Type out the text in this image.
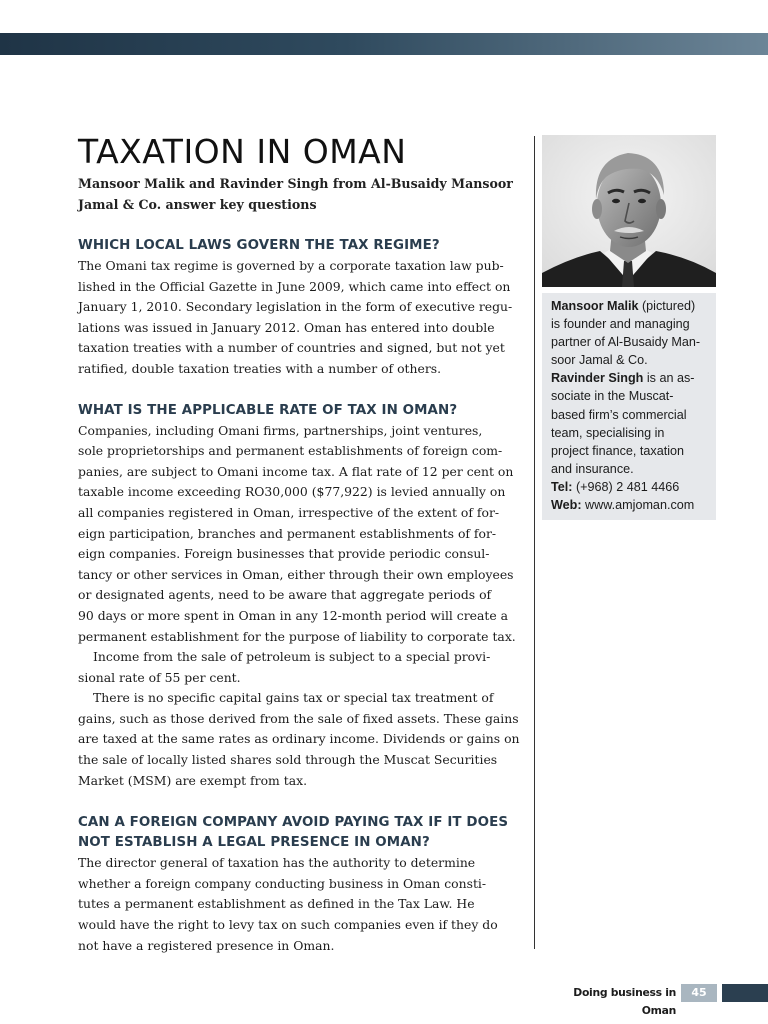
TAXATION IN OMAN

Mansoor Malik and Ravinder Singh from Al-Busaidy Mansoor
Jamal & Co. answer key questions

WHICH LOCAL LAWS GOVERN THE TAX REGIME?

The Omani tax regime is governed by a corporate taxation law pub-
lished in the Official Gazette in June 2009, which came into effect on
January 1, 2010. Secondary legislation in the form of executive regu-
lations was issued in January 2012. Oman has entered into double
taxation treaties with a number of countries and signed, but not yet
ratified, double taxation treaties with a number of others.

WHAT IS THE APPLICABLE RATE OF TAX IN OMAN?

Companies, including Omani firms, partnerships, joint ventures,
sole proprietorships and permanent establishments of foreign com-
panies, are subject to Omani income tax. A flat rate of 12 per cent on
taxable income exceeding RO30,000 ($77,922) is levied annually on
all companies registered in Oman, irrespective of the extent of for-
eign participation, branches and permanent establishments of for-
eign companies. Foreign businesses that provide periodic consul-
tancy or other services in Oman, either through their own employees
or designated agents, need to be aware that aggregate periods of
90 days or more spent in Oman in any 12-month period will create a
permanent establishment for the purpose of liability to corporate tax.

Income from the sale of petroleum is subject to a special provi-
sional rate of 55 per cent.

There is no specific capital gains tax or special tax treatment of
gains, such as those derived from the sale of fixed assets. These gains
are taxed at the same rates as ordinary income. Dividends or gains on
the sale of locally listed shares sold through the Muscat Securities
Market (MSM) are exempt from tax.

CAN A FOREIGN COMPANY AVOID PAYING TAX IF IT DOES
NOT ESTABLISH A LEGAL PRESENCE IN OMAN?

The director general of taxation has the authority to determine
whether a foreign company conducting business in Oman consti-
tutes a permanent establishment as defined in the Tax Law. He
would have the right to levy tax on such companies even if they do
not have a registered presence in Oman.

Mansoor Malik (pictured)
is founder and managing
partner of Al-Busaidy Man-
soor Jamal & Co.
Ravinder Singh is an as-
sociate in the Muscat-
based firm’s commercial
team, specialising in
project finance, taxation
and insurance.
Tel: (+968) 2 481 4466
Web: www.amjoman.com
Doing business in Oman
45
